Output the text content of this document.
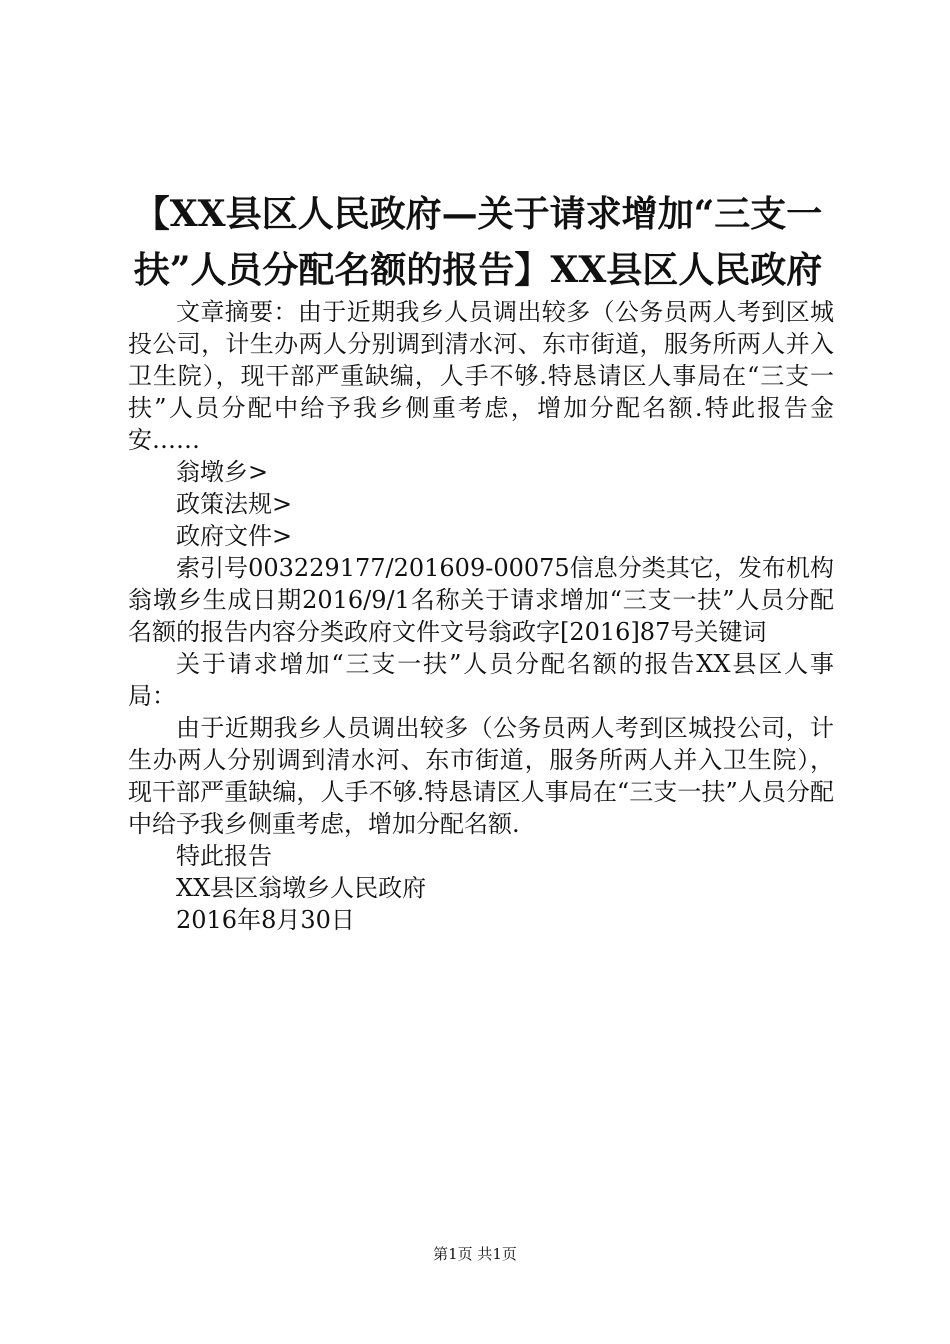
【XX县区人民政府—关于请求增加“三支一扶”人员分配名额的报告】XX县区人民政府

文章摘要：由于近期我乡人员调出较多（公务员两人考到区城投公司，计生办两人分别调到清水河、东市街道，服务所两人并入卫生院），现干部严重缺编，人手不够.特恳请区人事局在“三支一扶”人员分配中给予我乡侧重考虑，增加分配名额.特此报告金安……

翁墩乡>

政策法规>

政府文件>

索引号003229177/201609-00075信息分类其它，发布机构翁墩乡生成日期2016/9/1名称关于请求增加“三支一扶”人员分配名额的报告内容分类政府文件文号翁政字[2016]87号关键词

关于请求增加“三支一扶”人员分配名额的报告XX县区人事局：

由于近期我乡人员调出较多（公务员两人考到区城投公司，计生办两人分别调到清水河、东市街道，服务所两人并入卫生院），现干部严重缺编，人手不够.特恳请区人事局在“三支一扶”人员分配中给予我乡侧重考虑，增加分配名额.

特此报告

XX县区翁墩乡人民政府

2016年8月30日

第1页 共1页
